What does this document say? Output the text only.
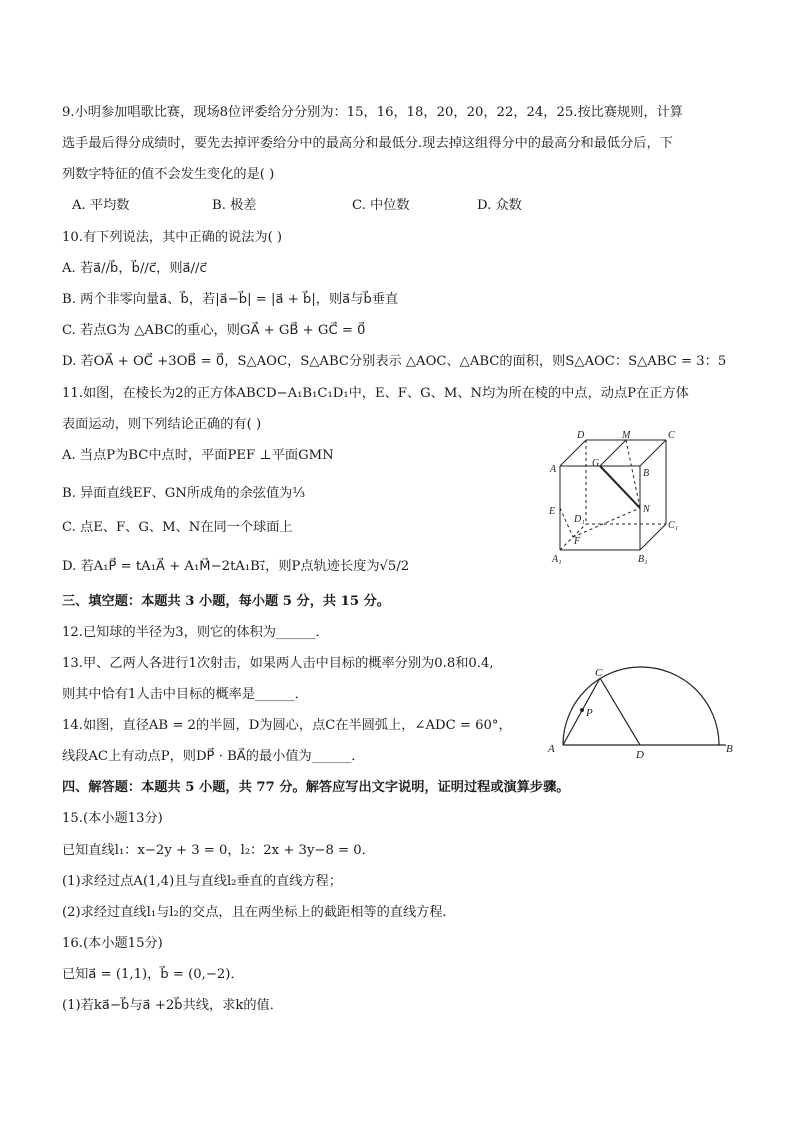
9.小明参加唱歌比赛，现场8位评委给分分别为：15，16，18，20，20，22，24，25.按比赛规则，计算
选手最后得分成绩时，要先去掉评委给分中的最高分和最低分.现去掉这组得分中的最高分和最低分后，下
列数字特征的值不会发生变化的是( )
A. 平均数	B. 极差	C. 中位数	D. 众数
10.有下列说法，其中正确的说法为( )
A. 若a⃗//b⃗，b⃗//c⃗，则a⃗//c⃗
B. 两个非零向量a⃗、b⃗，若|a⃗−b⃗| = |a⃗ + b⃗|，则a⃗与b⃗垂直
C. 若点G为 △ABC的重心，则GA⃗ + GB⃗ + GC⃗ = 0⃗
D. 若OA⃗ + OC⃗ +3OB⃗ = 0⃗，S△AOC，S△ABC分别表示 △AOC、△ABC的面积，则S△AOC：S△ABC = 3：5
11.如图，在棱长为2的正方体ABCD−A₁B₁C₁D₁中，E、F、G、M、N均为所在棱的中点，动点P在正方体
表面运动，则下列结论正确的有( )
A. 当点P为BC中点时，平面PEF ⊥平面GMN
B. 异面直线EF、GN所成角的余弦值为⅓
C. 点E、F、G、M、N在同一个球面上
D. 若A₁P⃗ = tA₁A⃗ + A₁M⃗−2tA₁B₁⃗，则P点轨迹长度为√5/2
D	M	C
A
G
B
N
E
D₁
C₁
F
A₁	B₁
三、填空题：本题共 3 小题，每小题 5 分，共 15 分。
12.已知球的半径为3，则它的体积为______．
13.甲、乙两人各进行1次射击，如果两人击中目标的概率分别为0.8和0.4,
则其中恰有1人击中目标的概率是______．
14.如图，直径AB = 2的半圆，D为圆心，点C在半圆弧上，∠ADC = 60°，
线段AC上有动点P，则DP⃗ · BA⃗的最小值为______．
C
P
A	D	B
四、解答题：本题共 5 小题，共 77 分。解答应写出文字说明，证明过程或演算步骤。
15.(本小题13分)
已知直线l₁：x−2y + 3 = 0，l₂：2x + 3y−8 = 0．
(1)求经过点A(1,4)且与直线l₂垂直的直线方程；
(2)求经过直线l₁与l₂的交点，且在两坐标上的截距相等的直线方程．
16.(本小题15分)
已知a⃗ = (1,1)，b⃗ = (0,−2)．
(1)若ka⃗−b⃗与a⃗ +2b⃗共线，求k的值．
